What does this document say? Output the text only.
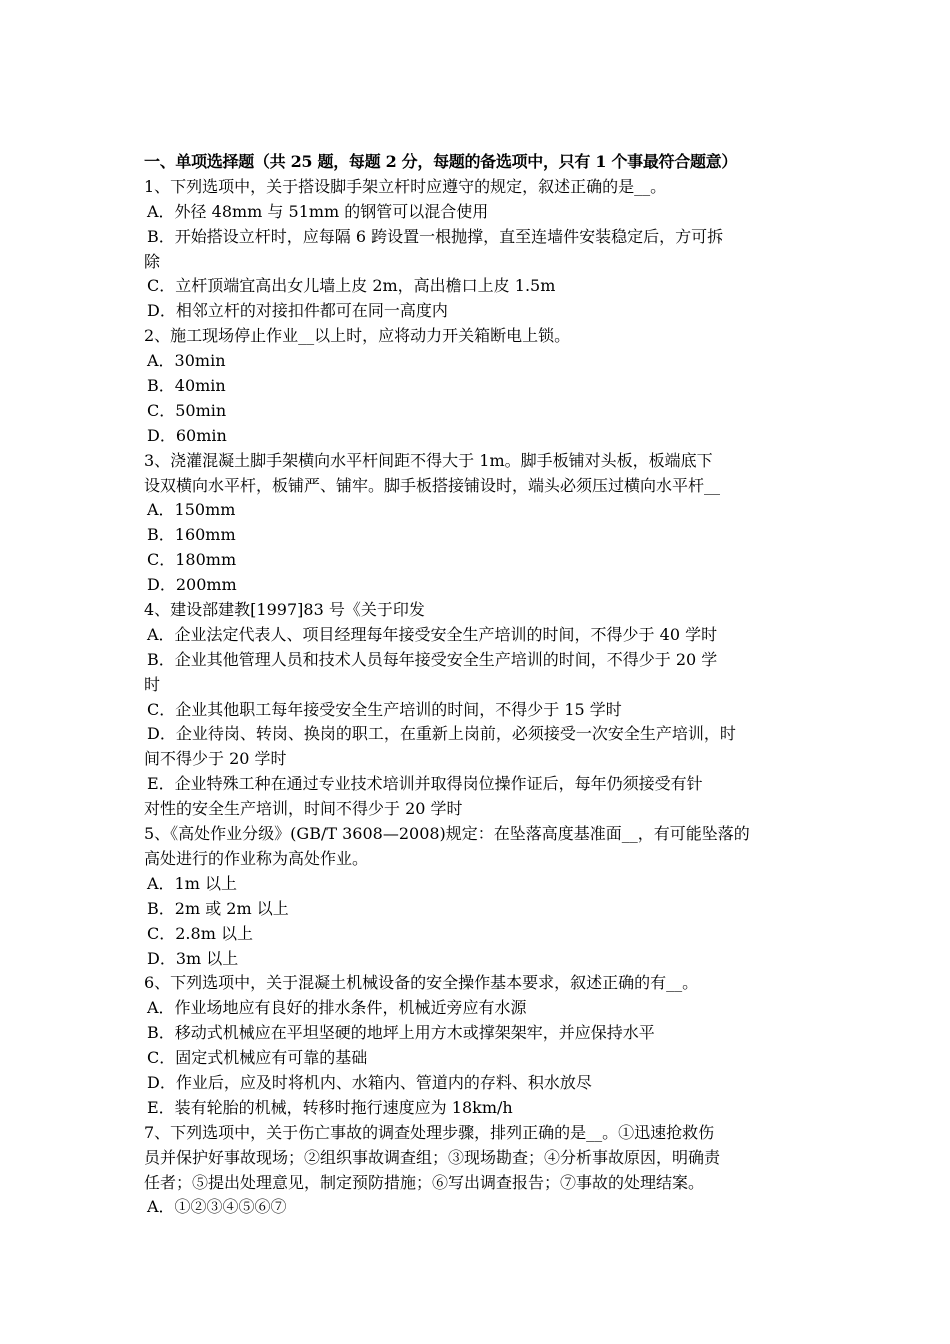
一、单项选择题（共 25 题，每题 2 分，每题的备选项中，只有 1 个事最符合题意）
1、下列选项中，关于搭设脚手架立杆时应遵守的规定，叙述正确的是__。
A．外径 48mm 与 51mm 的钢管可以混合使用
B．开始搭设立杆时，应每隔 6 跨设置一根抛撑，直至连墙件安装稳定后，方可拆
除
C．立杆顶端宜高出女儿墙上皮 2m，高出檐口上皮 1.5m
D．相邻立杆的对接扣件都可在同一高度内
2、施工现场停止作业__以上时，应将动力开关箱断电上锁。
A．30min
B．40min
C．50min
D．60min
3、浇灌混凝土脚手架横向水平杆间距不得大于 1m。脚手板铺对头板，板端底下
设双横向水平杆，板铺严、铺牢。脚手板搭接铺设时，端头必须压过横向水平杆__
A．150mm
B．160mm
C．180mm
D．200mm
4、建设部建教[1997]83 号《关于印发
A．企业法定代表人、项目经理每年接受安全生产培训的时间，不得少于 40 学时
B．企业其他管理人员和技术人员每年接受安全生产培训的时间，不得少于 20 学
时
C．企业其他职工每年接受安全生产培训的时间，不得少于 15 学时
D．企业待岗、转岗、换岗的职工，在重新上岗前，必须接受一次安全生产培训，时
间不得少于 20 学时
E．企业特殊工种在通过专业技术培训并取得岗位操作证后，每年仍须接受有针
对性的安全生产培训，时间不得少于 20 学时
5、《高处作业分级》(GB/T 3608—2008)规定：在坠落高度基准面__，有可能坠落的
高处进行的作业称为高处作业。
A．1m 以上
B．2m 或 2m 以上
C．2.8m 以上
D．3m 以上
6、下列选项中，关于混凝土机械设备的安全操作基本要求，叙述正确的有__。
A．作业场地应有良好的排水条件，机械近旁应有水源
B．移动式机械应在平坦坚硬的地坪上用方木或撑架架牢，并应保持水平
C．固定式机械应有可靠的基础
D．作业后，应及时将机内、水箱内、管道内的存料、积水放尽
E．装有轮胎的机械，转移时拖行速度应为 18km/h
7、下列选项中，关于伤亡事故的调查处理步骤，排列正确的是__。①迅速抢救伤
员并保护好事故现场；②组织事故调查组；③现场勘查；④分析事故原因，明确责
任者；⑤提出处理意见，制定预防措施；⑥写出调查报告；⑦事故的处理结案。
A．①②③④⑤⑥⑦
